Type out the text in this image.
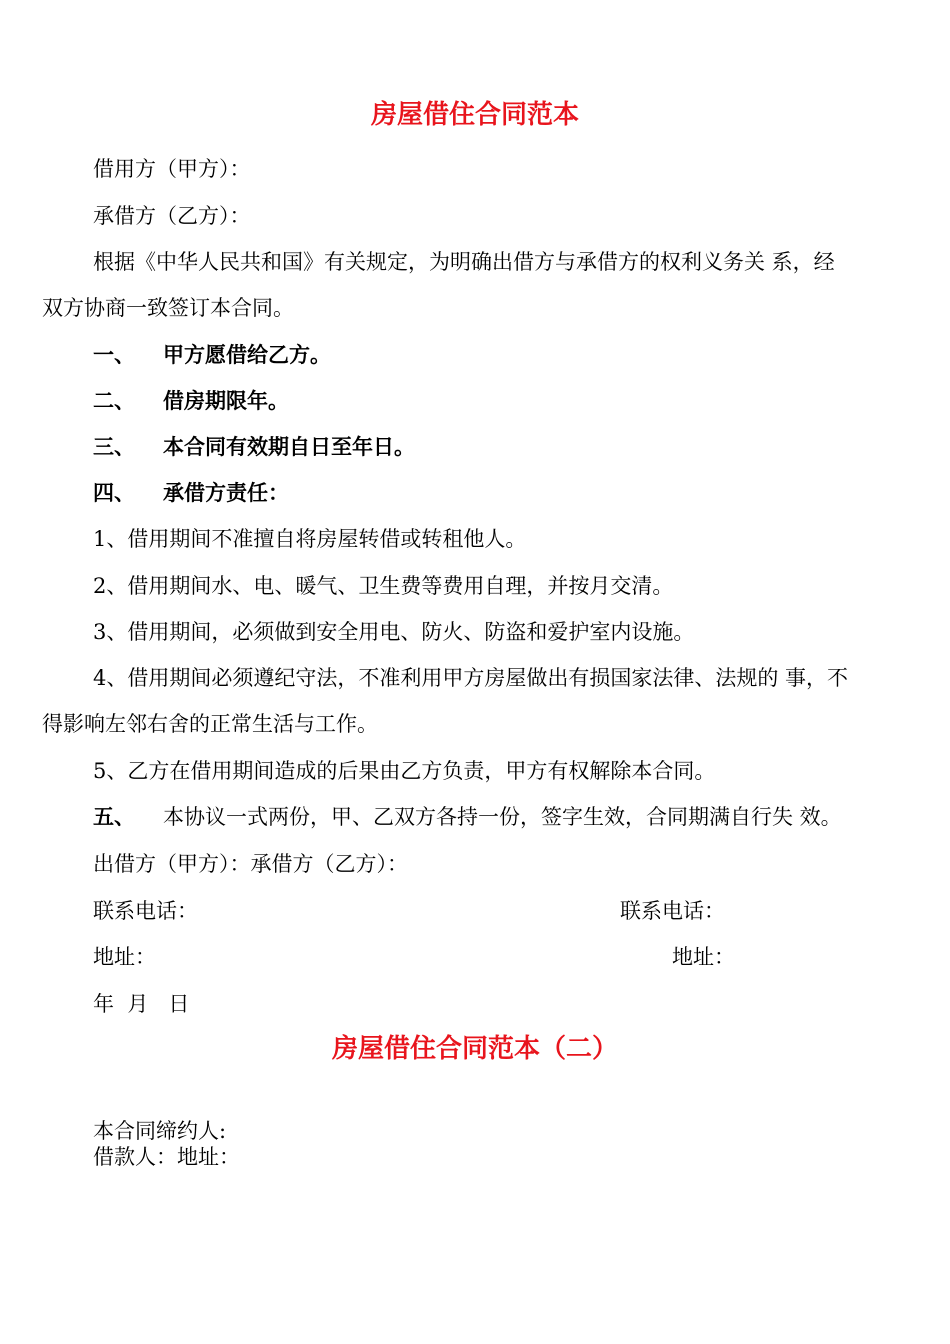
房屋借住合同范本
借用方（甲方）：
承借方（乙方）：
根据《中华人民共和国》有关规定，为明确出借方与承借方的权利义务关 系，经
双方协商一致签订本合同。
一、 甲方愿借给乙方。
二、 借房期限年。
三、 本合同有效期自日至年日。
四、 承借方责任：
1、借用期间不准擅自将房屋转借或转租他人。
2、借用期间水、电、暖气、卫生费等费用自理，并按月交清。
3、借用期间，必须做到安全用电、防火、防盗和爱护室内设施。
4、借用期间必须遵纪守法，不准利用甲方房屋做出有损国家法律、法规的 事，不
得影响左邻右舍的正常生活与工作。
5、乙方在借用期间造成的后果由乙方负责，甲方有权解除本合同。
五、 本协议一式两份，甲、乙双方各持一份，签字生效，合同期满自行失 效。
出借方（甲方）：承借方（乙方）：
联系电话：	联系电话：
地址：	地址：
年  月   日
房屋借住合同范本（二）
本合同缔约人:
借款人：地址：
